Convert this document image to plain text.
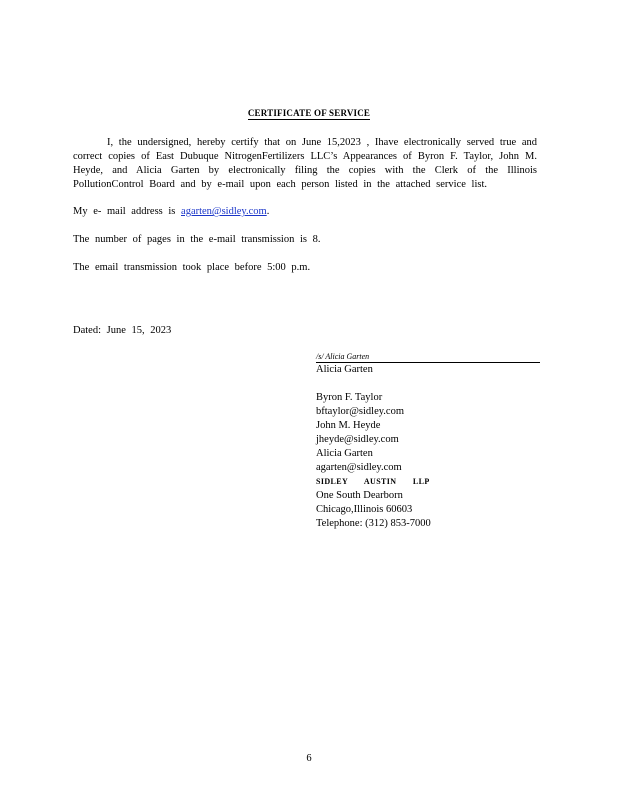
CERTIFICATE OF SERVICE
I, the undersigned, hereby certify that on June 15,2023 , Ihave electronically served true and correct copies of East Dubuque NitrogenFertilizers LLC’s Appearances of Byron F. Taylor, John M. Heyde, and Alicia Garten by electronically filing the copies with the Clerk of the Illinois PollutionControl Board and by e-mail upon each person listed in the attached service list.
My e- mail address is agarten@sidley.com.
The number of pages in the e-mail transmission is 8.
The email transmission took place before 5:00 p.m.
Dated: June 15, 2023
/s/ Alicia Garten
Alicia Garten
Byron F. Taylor
bftaylor@sidley.com
John M. Heyde
jheyde@sidley.com
Alicia Garten
agarten@sidley.com
SIDLEY AUSTIN LLP
One South Dearborn
Chicago,Illinois 60603
Telephone: (312) 853-7000
6
